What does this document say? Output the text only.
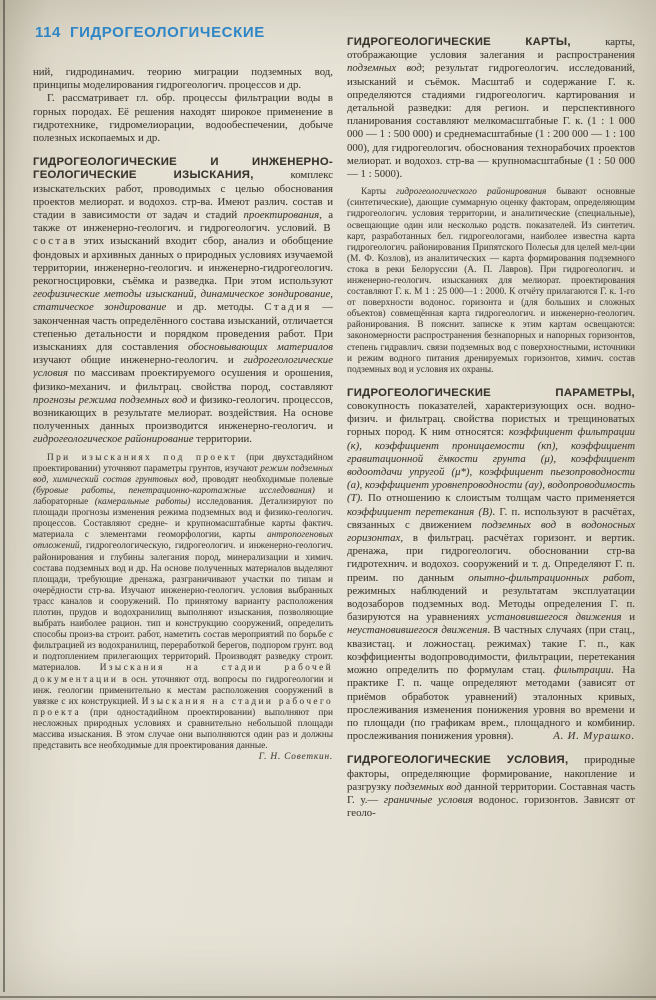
114 ГИДРОГЕОЛОГИЧЕСКИЕ

ний, гидродинамич. теорию миграции подземных вод, принципы моделирования гидрогеологич. процессов и др.

Г. рассматривает гл. обр. процессы фильтрации воды в горных породах. Её решения находят широкое применение в гидротехнике, гидромелиорации, водообеспечении, добыче полезных ископаемых и др.

ГИДРОГЕОЛОГИЧЕСКИЕ И ИНЖЕНЕРНО-ГЕОЛОГИЧЕСКИЕ ИЗЫСКАНИЯ, комплекс изыскательских работ, проводимых с целью обоснования проектов мелиорат. и водохоз. стр-ва. Имеют различ. состав и стадии в зависимости от задач и стадий проектирования, а также от инженерно-геологич. и гидрогеологич. условий. В состав этих изысканий входит сбор, анализ и обобщение фондовых и архивных данных о природных условиях изучаемой территории, инженерно-геологич. и инженерно-гидрогеологич. рекогносцировки, съёмка и разведка. При этом используют геофизические методы изысканий, динамическое зондирование, статическое зондирование и др. методы. Стадия — законченная часть определённого состава изысканий, отличается степенью детальности и порядком проведения работ. При изысканиях для составления обосновывающих материалов изучают общие инженерно-геологич. и гидрогеологические условия по массивам проектируемого осушения и орошения, физико-механич. и фильтрац. свойства пород, составляют прогнозы режима подземных вод и физико-геологич. процессов, возникающих в результате мелиорат. воздействия. На основе полученных данных производится инженерно-геологич. и гидрогеологическое районирование территории.

При изысканиях под проект (при двухстадийном проектировании) уточняют параметры грунтов, изучают режим подземных вод, химический состав грунтовых вод, проводят необходимые полевые (буровые работы, пенетрационно-каротажные исследования) и лабораторные (камеральные работы) исследования. Детализируют по площади прогнозы изменения режима подземных вод и физико-геологич. процессов. Составляют средне- и крупномасштабные карты фактич. материала с элементами геоморфологии, карты антропогеновых отложений, гидрогеологическую, гидрогеологич. и инженерно-геологич. районирования и глубины залегания пород, минерализации и химич. состава подземных вод и др. На основе полученных материалов выделяют площади, требующие дренажа, разграничивают участки по типам и очерёдности стр-ва. Изучают инженерно-геологич. условия выбранных трасс каналов и сооружений. По принятому варианту расположения плотин, прудов и водохранилищ выполняют изыскания, позволяющие выбрать наиболее рацион. тип и конструкцию сооружений, определить способы произ-ва строит. работ, наметить состав мероприятий по борьбе с фильтрацией из водохранилищ, переработкой берегов, подпором грунт. вод и подтоплением прилегающих территорий. Производят разведку строит. материалов. Изыскания на стадии рабочей документации в осн. уточняют отд. вопросы по гидрогеологии и инж. геологии применительно к местам расположения сооружений в увязке с их конструкцией. Изыскания на стадии рабочего проекта (при одностадийном проектировании) выполняют при несложных природных условиях и сравнительно небольшой площади массива изыскания. В этом случае они выполняются один раз и должны представить все необходимые для проектирования данные.
Г. Н. Советкин.

ГИДРОГЕОЛОГИЧЕСКИЕ КАРТЫ, карты, отображающие условия залегания и распространения подземных вод; результат гидрогеологич. исследований, изысканий и съёмок. Масштаб и содержание Г. к. определяются стадиями гидрогеологич. картирования и детальной разведки: для регион. и перспективного планирования составляют мелкомасштабные Г. к. (1 : 1 000 000 — 1 : 500 000) и среднемасштабные (1 : 200 000 — 1 : 100 000), для гидрогеологич. обоснования технорабочих проектов мелиорат. и водохоз. стр-ва — крупномасштабные (1 : 50 000 — 1 : 5000).

Карты гидрогеологического районирования бывают основные (синтетические), дающие суммарную оценку факторам, определяющим гидрогеологич. условия территории, и аналитические (специальные), освещающие один или несколько родств. показателей. Из синтетич. карт, разработанных бел. гидрогеологами, наиболее известна карта гидрогеологич. районирования Припятского Полесья для целей мел-ции (М. Ф. Козлов), из аналитических — карта формирования подземного стока в реки Белоруссии (А. П. Лавров). При гидрогеологич. и инженерно-геологич. изысканиях для мелиорат. проектирования составляют Г. к. М 1 : 25 000—1 : 2000. К отчёту прилагаются Г. к. 1-го от поверхности водонос. горизонта и (для больших и сложных объектов) совмещённая карта гидрогеологич. и инженерно-геологич. районирования. В пояснит. записке к этим картам освещаются: закономерности распространения безнапорных и напорных горизонтов, степень гидравлич. связи подземных вод с поверхностными, источники и режим водного питания дренируемых горизонтов, химич. состав подземных вод и условия их охраны.

ГИДРОГЕОЛОГИЧЕСКИЕ ПАРАМЕТРЫ, совокупность показателей, характеризующих осн. водно-физич. и фильтрац. свойства пористых и трещиноватых горных пород. К ним относятся: коэффициент фильтрации (к), коэффициент проницаемости (кп), коэффициент гравитационной ёмкости грунта (μ), коэффициент водоотдачи упругой (μ*), коэффициент пьезопроводности (а), коэффициент уровнепроводности (ау), водопроводимость (Т). По отношению к слоистым толщам часто применяется коэффициент перетекания (В). Г. п. используют в расчётах, связанных с движением подземных вод в водоносных горизонтах, в фильтрац. расчётах горизонт. и вертик. дренажа, при гидрогеологич. обосновании стр-ва гидротехнич. и водохоз. сооружений и т. д. Определяют Г. п. преим. по данным опытно-фильтрационных работ, режимных наблюдений и результатам эксплуатации водозаборов подземных вод. Методы определения Г. п. базируются на уравнениях установившегося движения и неустановившегося движения. В частных случаях (при стац., квазистац. и ложностац. режимах) такие Г. п., как коэффициенты водопроводимости, фильтрации, перетекания можно определить по формулам стац. фильтрации. На практике Г. п. чаще определяют методами (зависят от приёмов обработок уравнений) эталонных кривых, прослеживания изменения понижения уровня во времени и по площади (по графикам врем., площадного и комбинир. прослеживания понижения уровня).	А. И. Мурашко.

ГИДРОГЕОЛОГИЧЕСКИЕ УСЛОВИЯ, природные факторы, определяющие формирование, накопление и разгрузку подземных вод данной территории. Составная часть Г. у.— граничные условия водонос. горизонтов. Зависят от геоло-
